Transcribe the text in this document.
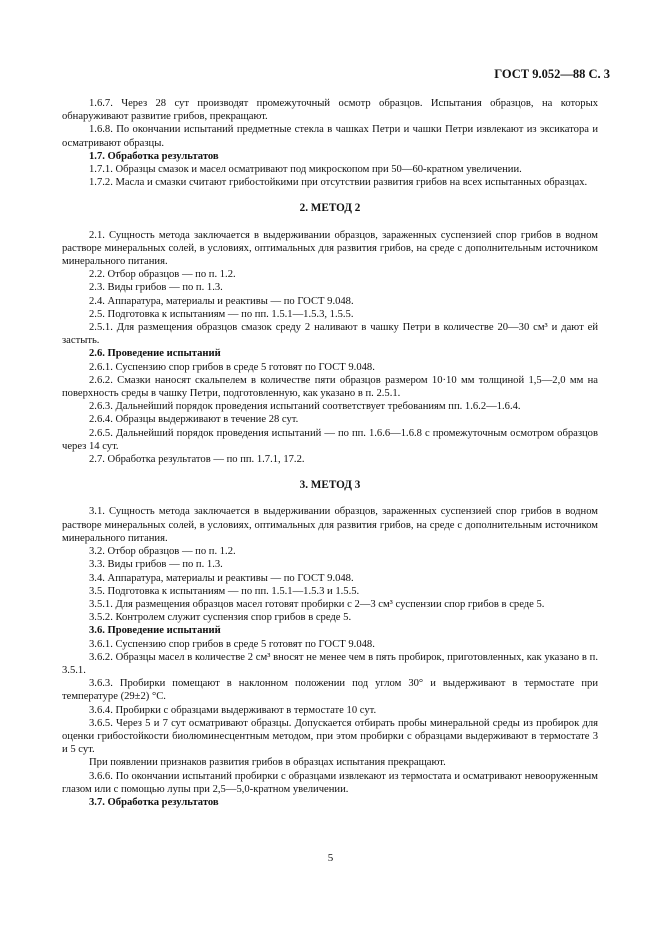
ГОСТ 9.052—88 С. 3

1.6.7. Через 28 сут производят промежуточный осмотр образцов. Испытания образцов, на которых обнаруживают развитие грибов, прекращают.

1.6.8. По окончании испытаний предметные стекла в чашках Петри и чашки Петри извлекают из эксикатора и осматривают образцы.

1.7. Обработка результатов

1.7.1. Образцы смазок и масел осматривают под микроскопом при 50—60-кратном увеличении.

1.7.2. Масла и смазки считают грибостойкими при отсутствии развития грибов на всех испытанных образцах.

2. МЕТОД 2

2.1. Сущность метода заключается в выдерживании образцов, зараженных суспензией спор грибов в водном растворе минеральных солей, в условиях, оптимальных для развития грибов, на среде с дополнительным источником минерального питания.

2.2. Отбор образцов — по п. 1.2.

2.3. Виды грибов — по п. 1.3.

2.4. Аппаратура, материалы и реактивы — по ГОСТ 9.048.

2.5. Подготовка к испытаниям — по пп. 1.5.1—1.5.3, 1.5.5.

2.5.1. Для размещения образцов смазок среду 2 наливают в чашку Петри в количестве 20—30 см³ и дают ей застыть.

2.6. Проведение испытаний

2.6.1. Суспензию спор грибов в среде 5 готовят по ГОСТ 9.048.

2.6.2. Смазки наносят скальпелем в количестве пяти образцов размером 10·10 мм толщиной 1,5—2,0 мм на поверхность среды в чашку Петри, подготовленную, как указано в п. 2.5.1.

2.6.3. Дальнейший порядок проведения испытаний соответствует требованиям пп. 1.6.2—1.6.4.

2.6.4. Образцы выдерживают в течение 28 сут.

2.6.5. Дальнейший порядок проведения испытаний — по пп. 1.6.6—1.6.8 с промежуточным осмотром образцов через 14 сут.

2.7. Обработка результатов — по пп. 1.7.1, 17.2.

3. МЕТОД 3

3.1. Сущность метода заключается в выдерживании образцов, зараженных суспензией спор грибов в водном растворе минеральных солей, в условиях, оптимальных для развития грибов, на среде с дополнительным источником минерального питания.

3.2. Отбор образцов — по п. 1.2.

3.3. Виды грибов — по п. 1.3.

3.4. Аппаратура, материалы и реактивы — по ГОСТ 9.048.

3.5. Подготовка к испытаниям — по пп. 1.5.1—1.5.3 и 1.5.5.

3.5.1. Для размещения образцов масел готовят пробирки с 2—3 см³ суспензии спор грибов в среде 5.

3.5.2. Контролем служит суспензия спор грибов в среде 5.

3.6. Проведение испытаний

3.6.1. Суспензию спор грибов в среде 5 готовят по ГОСТ 9.048.

3.6.2. Образцы масел в количестве 2 см³ вносят не менее чем в пять пробирок, приготовленных, как указано в п. 3.5.1.

3.6.3. Пробирки помещают в наклонном положении под углом 30° и выдерживают в термостате при температуре (29±2) °С.

3.6.4. Пробирки с образцами выдерживают в термостате 10 сут.

3.6.5. Через 5 и 7 сут осматривают образцы. Допускается отбирать пробы минеральной среды из пробирок для оценки грибостойкости биолюминесцентным методом, при этом пробирки с образцами выдерживают в термостате 3 и 5 сут.

При появлении признаков развития грибов в образцах испытания прекращают.

3.6.6. По окончании испытаний пробирки с образцами извлекают из термостата и осматривают невооруженным глазом или с помощью лупы при 2,5—5,0-кратном увеличении.

3.7. Обработка результатов

5
